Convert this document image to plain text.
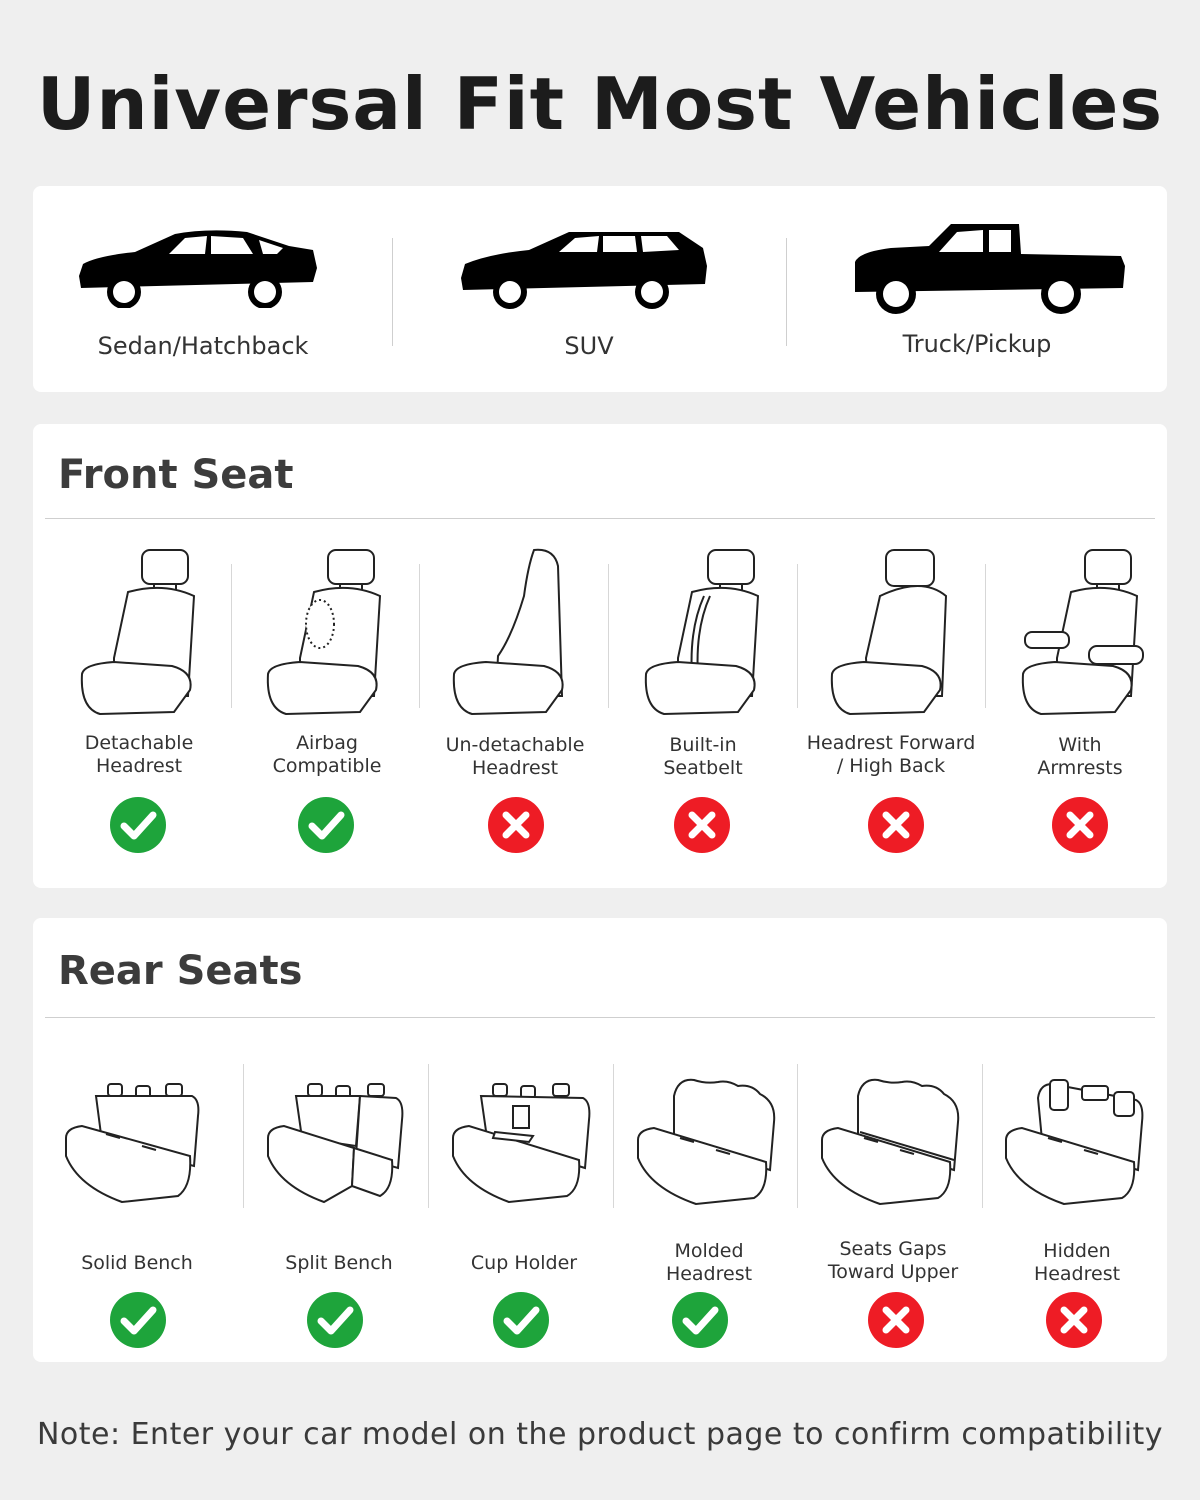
Universal Fit Most Vehicles
Sedan/Hatchback	SUV	Truck/Pickup
Front Seat
Detachable
Headrest
Airbag
Compatible
Un-detachable
Headrest
Built-in
Seatbelt
Headrest Forward
/ High Back
With
Armrests
Rear Seats
Solid Bench	Split Bench	Cup Holder
Molded
Headrest
Seats Gaps
Toward Upper
Hidden
Headrest
Note: Enter your car model on the product page to confirm compatibility
